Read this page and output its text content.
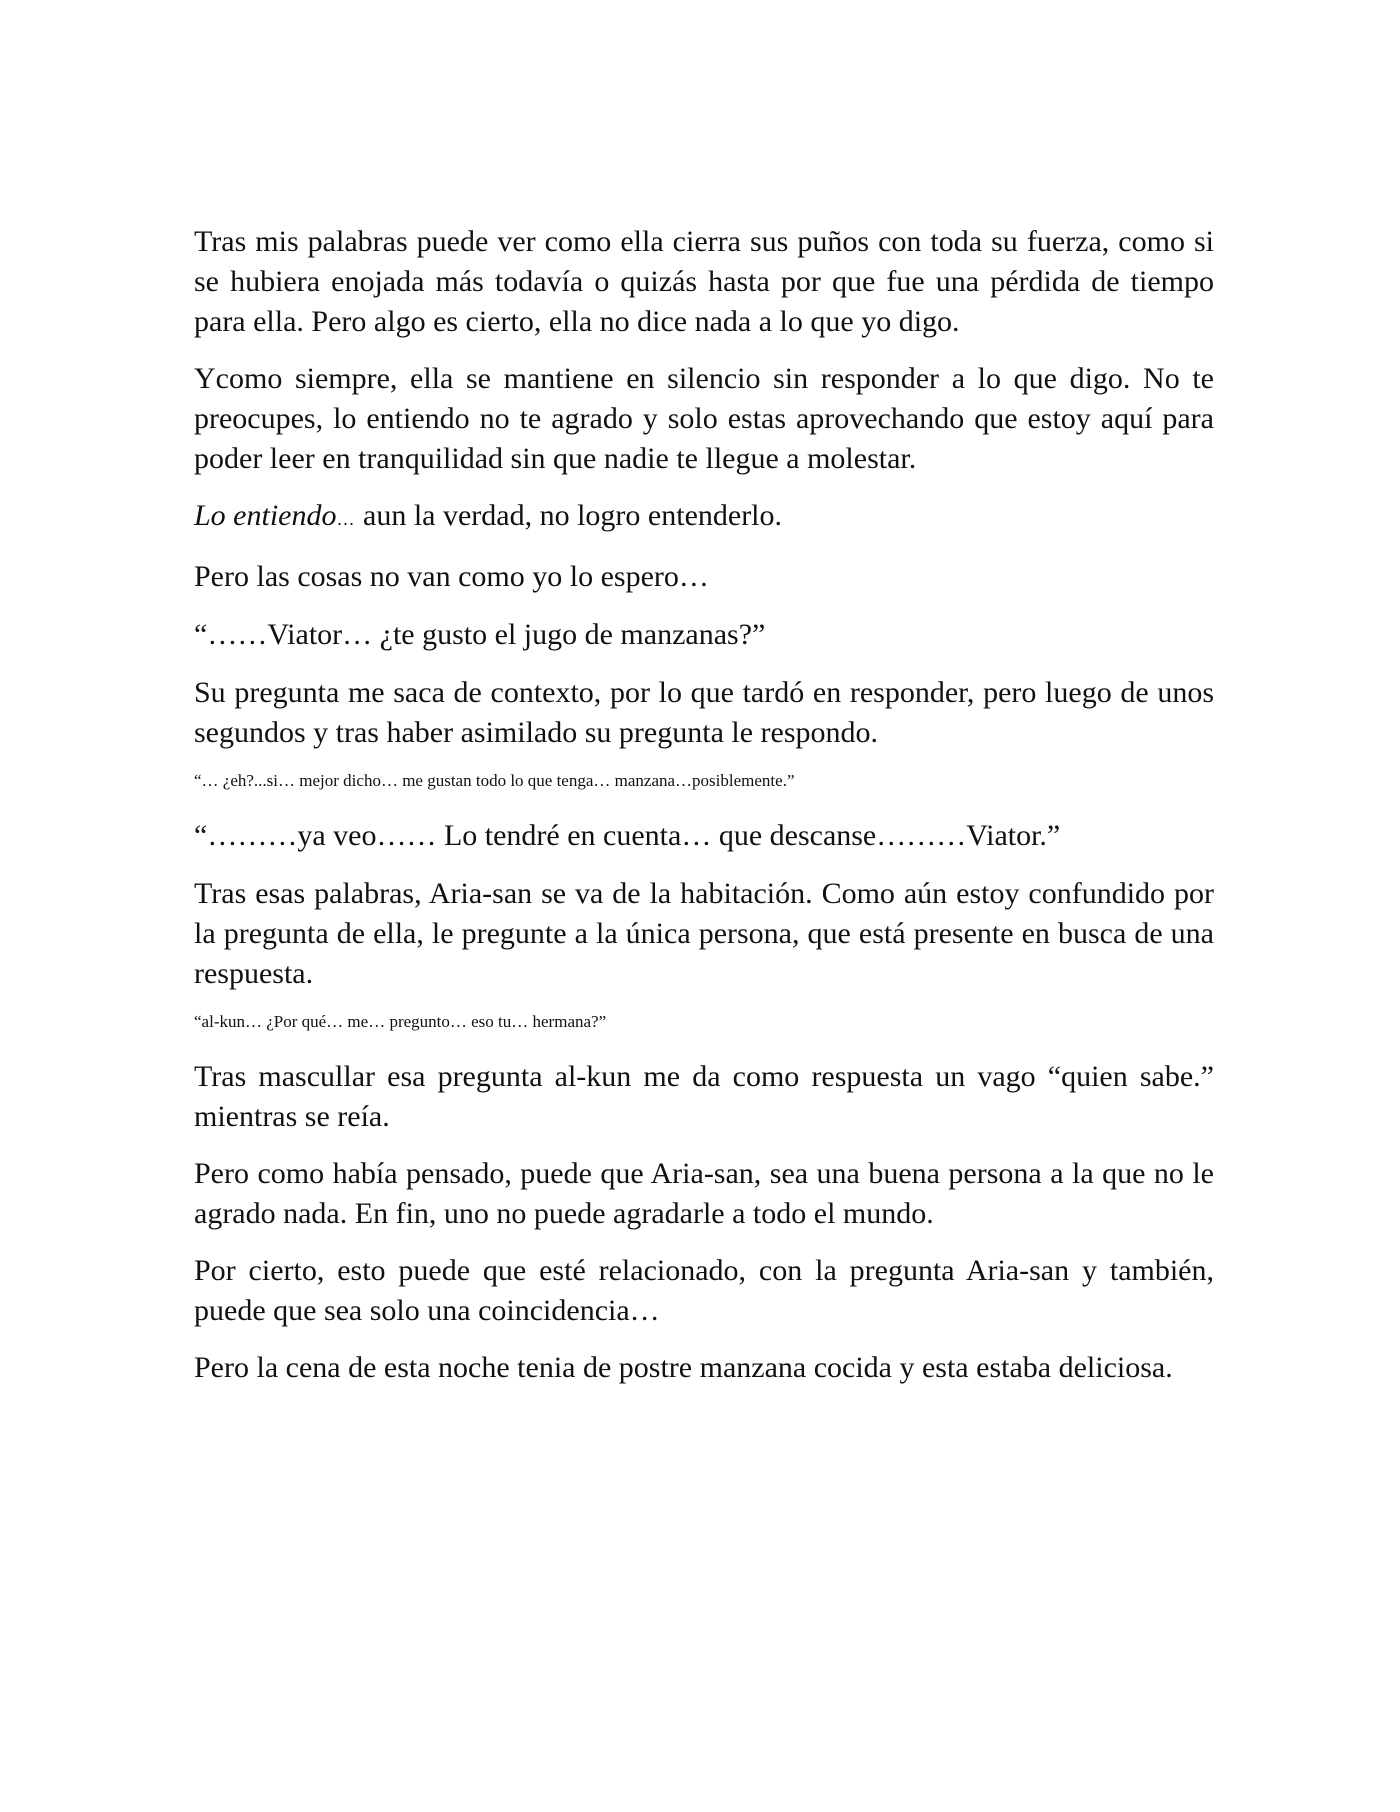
Tras mis palabras puede ver como ella cierra sus puños con toda su fuerza, como si se hubiera enojada más todavía o quizás hasta por que fue una pérdida de tiempo para ella. Pero algo es cierto, ella no dice nada a lo que yo digo.

Ycomo siempre, ella se mantiene en silencio sin responder a lo que digo. No te preocupes, lo entiendo no te agrado y solo estas aprovechando que estoy aquí para poder leer en tranquilidad sin que nadie te llegue a molestar.

Lo entiendo… aun la verdad, no logro entenderlo.

Pero las cosas no van como yo lo espero…

“……Viator… ¿te gusto el jugo de manzanas?”

Su pregunta me saca de contexto, por lo que tardó en responder, pero luego de unos segundos y tras haber asimilado su pregunta le respondo.

“… ¿eh?...si… mejor dicho… me gustan todo lo que tenga… manzana…posiblemente.”

“………ya veo…… Lo tendré en cuenta… que descanse………Viator.”

Tras esas palabras, Aria-san se va de la habitación. Como aún estoy confundido por la pregunta de ella, le pregunte a la única persona, que está presente en busca de una respuesta.

“al-kun… ¿Por qué… me… pregunto… eso tu… hermana?”

Tras mascullar esa pregunta al-kun me da como respuesta un vago “quien sabe.” mientras se reía.

Pero como había pensado, puede que Aria-san, sea una buena persona a la que no le agrado nada. En fin, uno no puede agradarle a todo el mundo.

Por cierto, esto puede que esté relacionado, con la pregunta Aria-san y también, puede que sea solo una coincidencia…

Pero la cena de esta noche tenia de postre manzana cocida y esta estaba deliciosa.
